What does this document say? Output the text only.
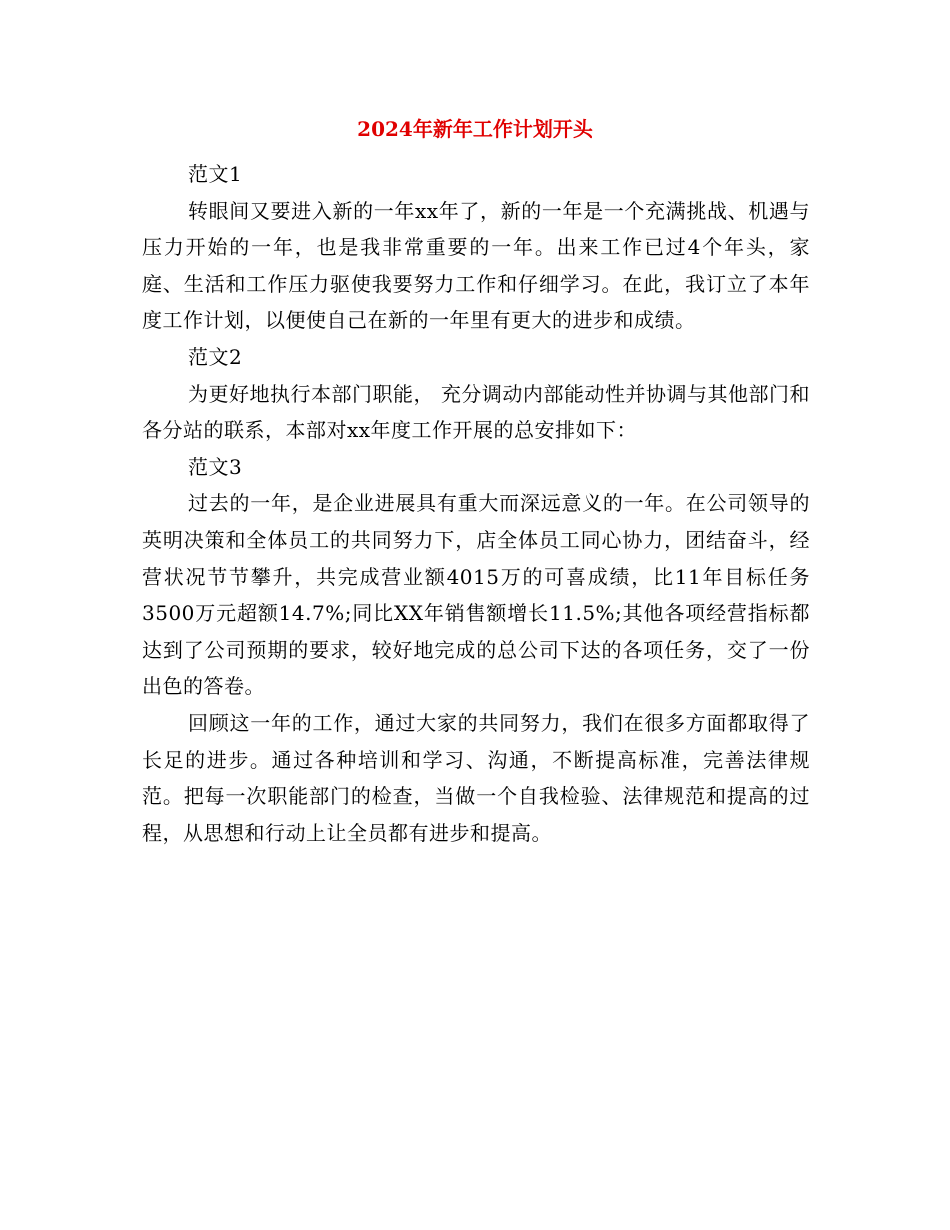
2024年新年工作计划开头

范文1

转眼间又要进入新的一年xx年了，新的一年是一个充满挑战、机遇与压力开始的一年，也是我非常重要的一年。出来工作已过4个年头，家庭、生活和工作压力驱使我要努力工作和仔细学习。在此，我订立了本年度工作计划，以便使自己在新的一年里有更大的进步和成绩。

范文2

为更好地执行本部门职能， 充分调动内部能动性并协调与其他部门和各分站的联系，本部对xx年度工作开展的总安排如下：

范文3

过去的一年，是企业进展具有重大而深远意义的一年。在公司领导的英明决策和全体员工的共同努力下，店全体员工同心协力，团结奋斗，经营状况节节攀升，共完成营业额4015万的可喜成绩，比11年目标任务3500万元超额14.7%;同比XX年销售额增长11.5%;其他各项经营指标都达到了公司预期的要求，较好地完成的总公司下达的各项任务，交了一份出色的答卷。

回顾这一年的工作，通过大家的共同努力，我们在很多方面都取得了长足的进步。通过各种培训和学习、沟通，不断提高标准，完善法律规范。把每一次职能部门的检查，当做一个自我检验、法律规范和提高的过程，从思想和行动上让全员都有进步和提高。
